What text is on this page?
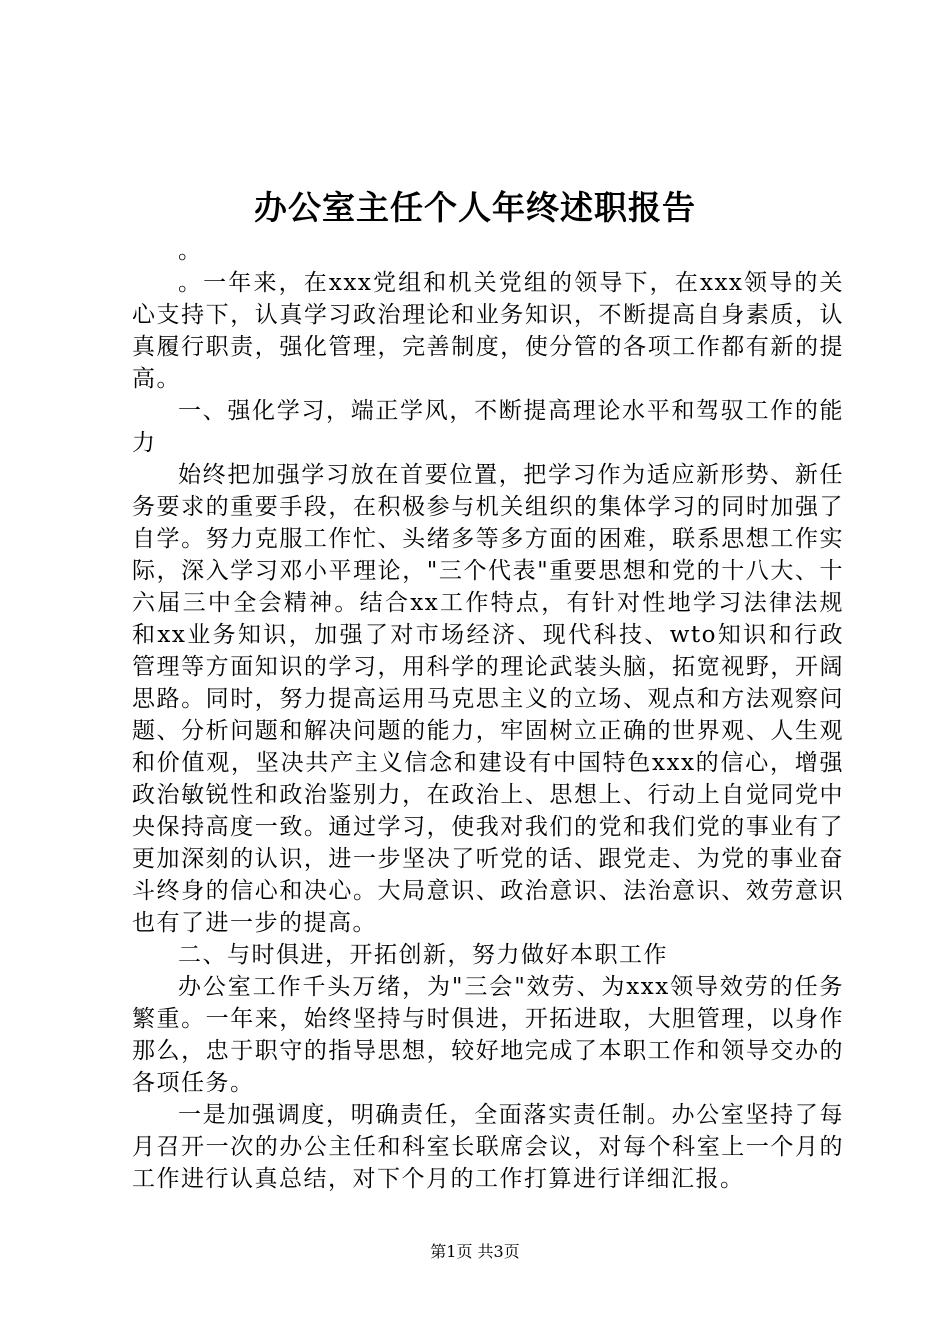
办公室主任个人年终述职报告

。

。一年来，在xxx党组和机关党组的领导下，在xxx领导的关心支持下，认真学习政治理论和业务知识，不断提高自身素质，认真履行职责，强化管理，完善制度，使分管的各项工作都有新的提高。

一、强化学习，端正学风，不断提高理论水平和驾驭工作的能力

始终把加强学习放在首要位置，把学习作为适应新形势、新任务要求的重要手段，在积极参与机关组织的集体学习的同时加强了自学。努力克服工作忙、头绪多等多方面的困难，联系思想工作实际，深入学习邓小平理论，"三个代表"重要思想和党的十八大、十六届三中全会精神。结合xx工作特点，有针对性地学习法律法规和xx业务知识，加强了对市场经济、现代科技、wto知识和行政管理等方面知识的学习，用科学的理论武装头脑，拓宽视野，开阔思路。同时，努力提高运用马克思主义的立场、观点和方法观察问题、分析问题和解决问题的能力，牢固树立正确的世界观、人生观和价值观，坚决共产主义信念和建设有中国特色xxx的信心，增强政治敏锐性和政治鉴别力，在政治上、思想上、行动上自觉同党中央保持高度一致。通过学习，使我对我们的党和我们党的事业有了更加深刻的认识，进一步坚决了听党的话、跟党走、为党的事业奋斗终身的信心和决心。大局意识、政治意识、法治意识、效劳意识也有了进一步的提高。

二、与时俱进，开拓创新，努力做好本职工作

办公室工作千头万绪，为"三会"效劳、为xxx领导效劳的任务繁重。一年来，始终坚持与时俱进，开拓进取，大胆管理，以身作那么，忠于职守的指导思想，较好地完成了本职工作和领导交办的各项任务。

一是加强调度，明确责任，全面落实责任制。办公室坚持了每月召开一次的办公主任和科室长联席会议，对每个科室上一个月的工作进行认真总结，对下个月的工作打算进行详细汇报。

第1页 共3页
